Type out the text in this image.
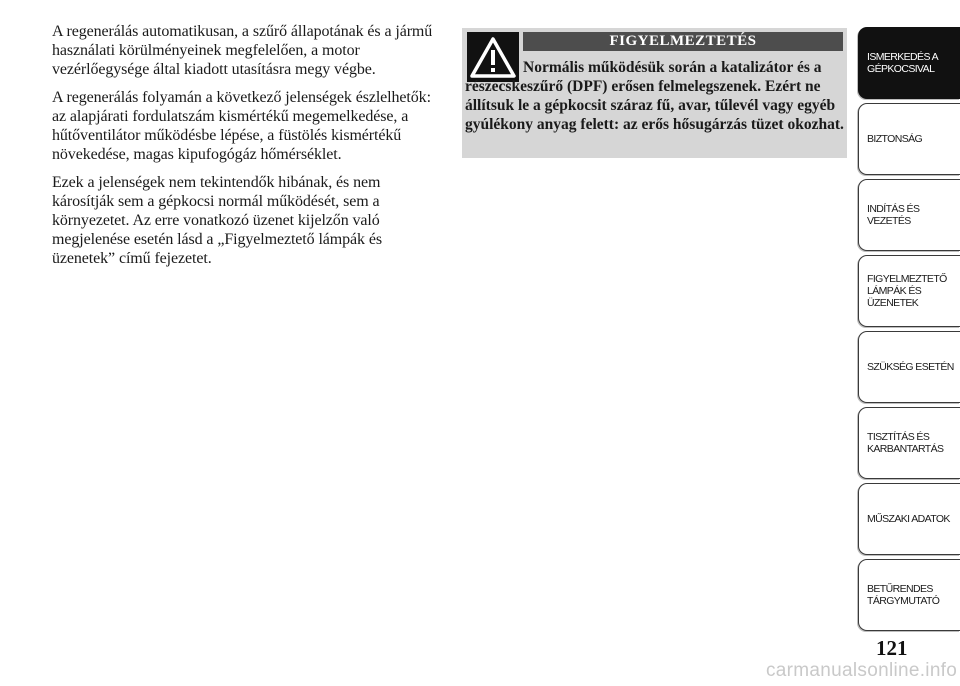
A regenerálás automatikusan, a szűrő állapotának és a jármű használati körülményeinek megfelelően, a motor vezérlőegysége által kiadott utasításra megy végbe.

A regenerálás folyamán a következő jelenségek észlelhetők: az alapjárati fordulatszám kismértékű megemelkedése, a hűtőventilátor működésbe lépése, a füstölés kismértékű növekedése, magas kipufogógáz hőmérséklet.

Ezek a jelenségek nem tekintendők hibának, és nem károsítják sem a gépkocsi normál működését, sem a környezetet. Az erre vonatkozó üzenet kijelzőn való megjelenése esetén lásd a „Figyelmeztető lámpák és üzenetek” című fejezetet.

FIGYELMEZTETÉS
Normális működésük során a katalizátor és a részecskeszűrő (DPF) erősen felmelegszenek. Ezért ne állítsuk le a gépkocsit száraz fű, avar, tűlevél vagy egyéb gyúlékony anyag felett: az erős hősugárzás tüzet okozhat.
ISMERKEDÉS A GÉPKOCSIVAL
BIZTONSÁG
INDÍTÁS ÉS VEZETÉS
FIGYELMEZTETŐ LÁMPÁK ÉS ÜZENETEK
SZÜKSÉG ESETÉN
TISZTÍTÁS ÉS KARBANTARTÁS
MŰSZAKI ADATOK
BETŰRENDES TÁRGYMUTATÓ
121
carmanualsonline.info
